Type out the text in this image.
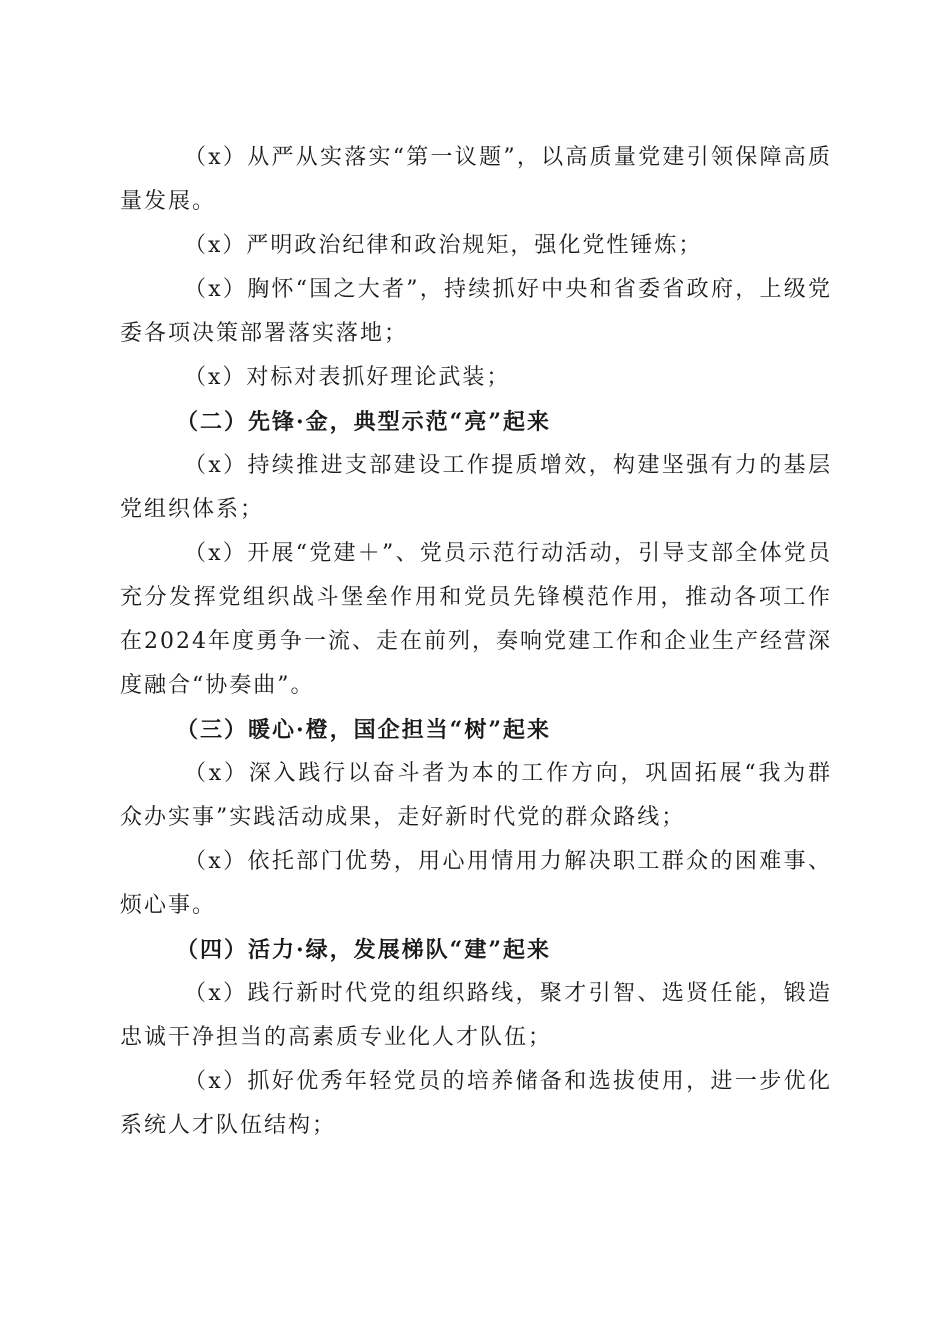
（x）从严从实落实“第一议题”，以高质量党建引领保障高质量发展。

（x）严明政治纪律和政治规矩，强化党性锤炼；

（x）胸怀“国之大者”，持续抓好中央和省委省政府，上级党委各项决策部署落实落地；

（x）对标对表抓好理论武装；

（二）先锋·金，典型示范“亮”起来

（x）持续推进支部建设工作提质增效，构建坚强有力的基层党组织体系；

（x）开展“党建＋”、党员示范行动活动，引导支部全体党员充分发挥党组织战斗堡垒作用和党员先锋模范作用，推动各项工作在2024年度勇争一流、走在前列，奏响党建工作和企业生产经营深度融合“协奏曲”。

（三）暖心·橙，国企担当“树”起来

（x）深入践行以奋斗者为本的工作方向，巩固拓展“我为群众办实事”实践活动成果，走好新时代党的群众路线；

（x）依托部门优势，用心用情用力解决职工群众的困难事、烦心事。

（四）活力·绿，发展梯队“建”起来

（x）践行新时代党的组织路线，聚才引智、选贤任能，锻造忠诚干净担当的高素质专业化人才队伍；

（x）抓好优秀年轻党员的培养储备和选拔使用，进一步优化系统人才队伍结构；
